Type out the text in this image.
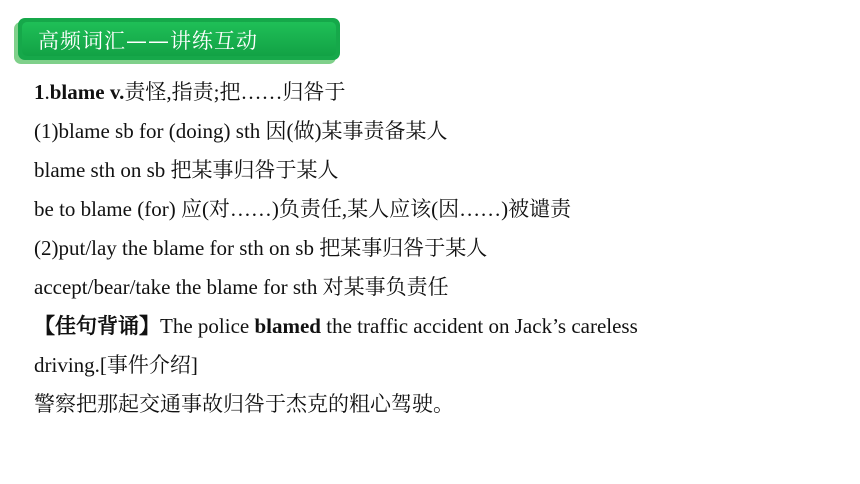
高频词汇——讲练互动
1.blame v.责怪,指责;把……归咎于
(1)blame sb for (doing) sth 因(做)某事责备某人
blame sth on sb 把某事归咎于某人
be to blame (for) 应(对……)负责任,某人应该(因……)被谴责
(2)put/lay the blame for sth on sb 把某事归咎于某人
accept/bear/take the blame for sth 对某事负责任
【佳句背诵】The police blamed the traffic accident on Jack’s careless
driving.[事件介绍]
警察把那起交通事故归咎于杰克的粗心驾驶。
